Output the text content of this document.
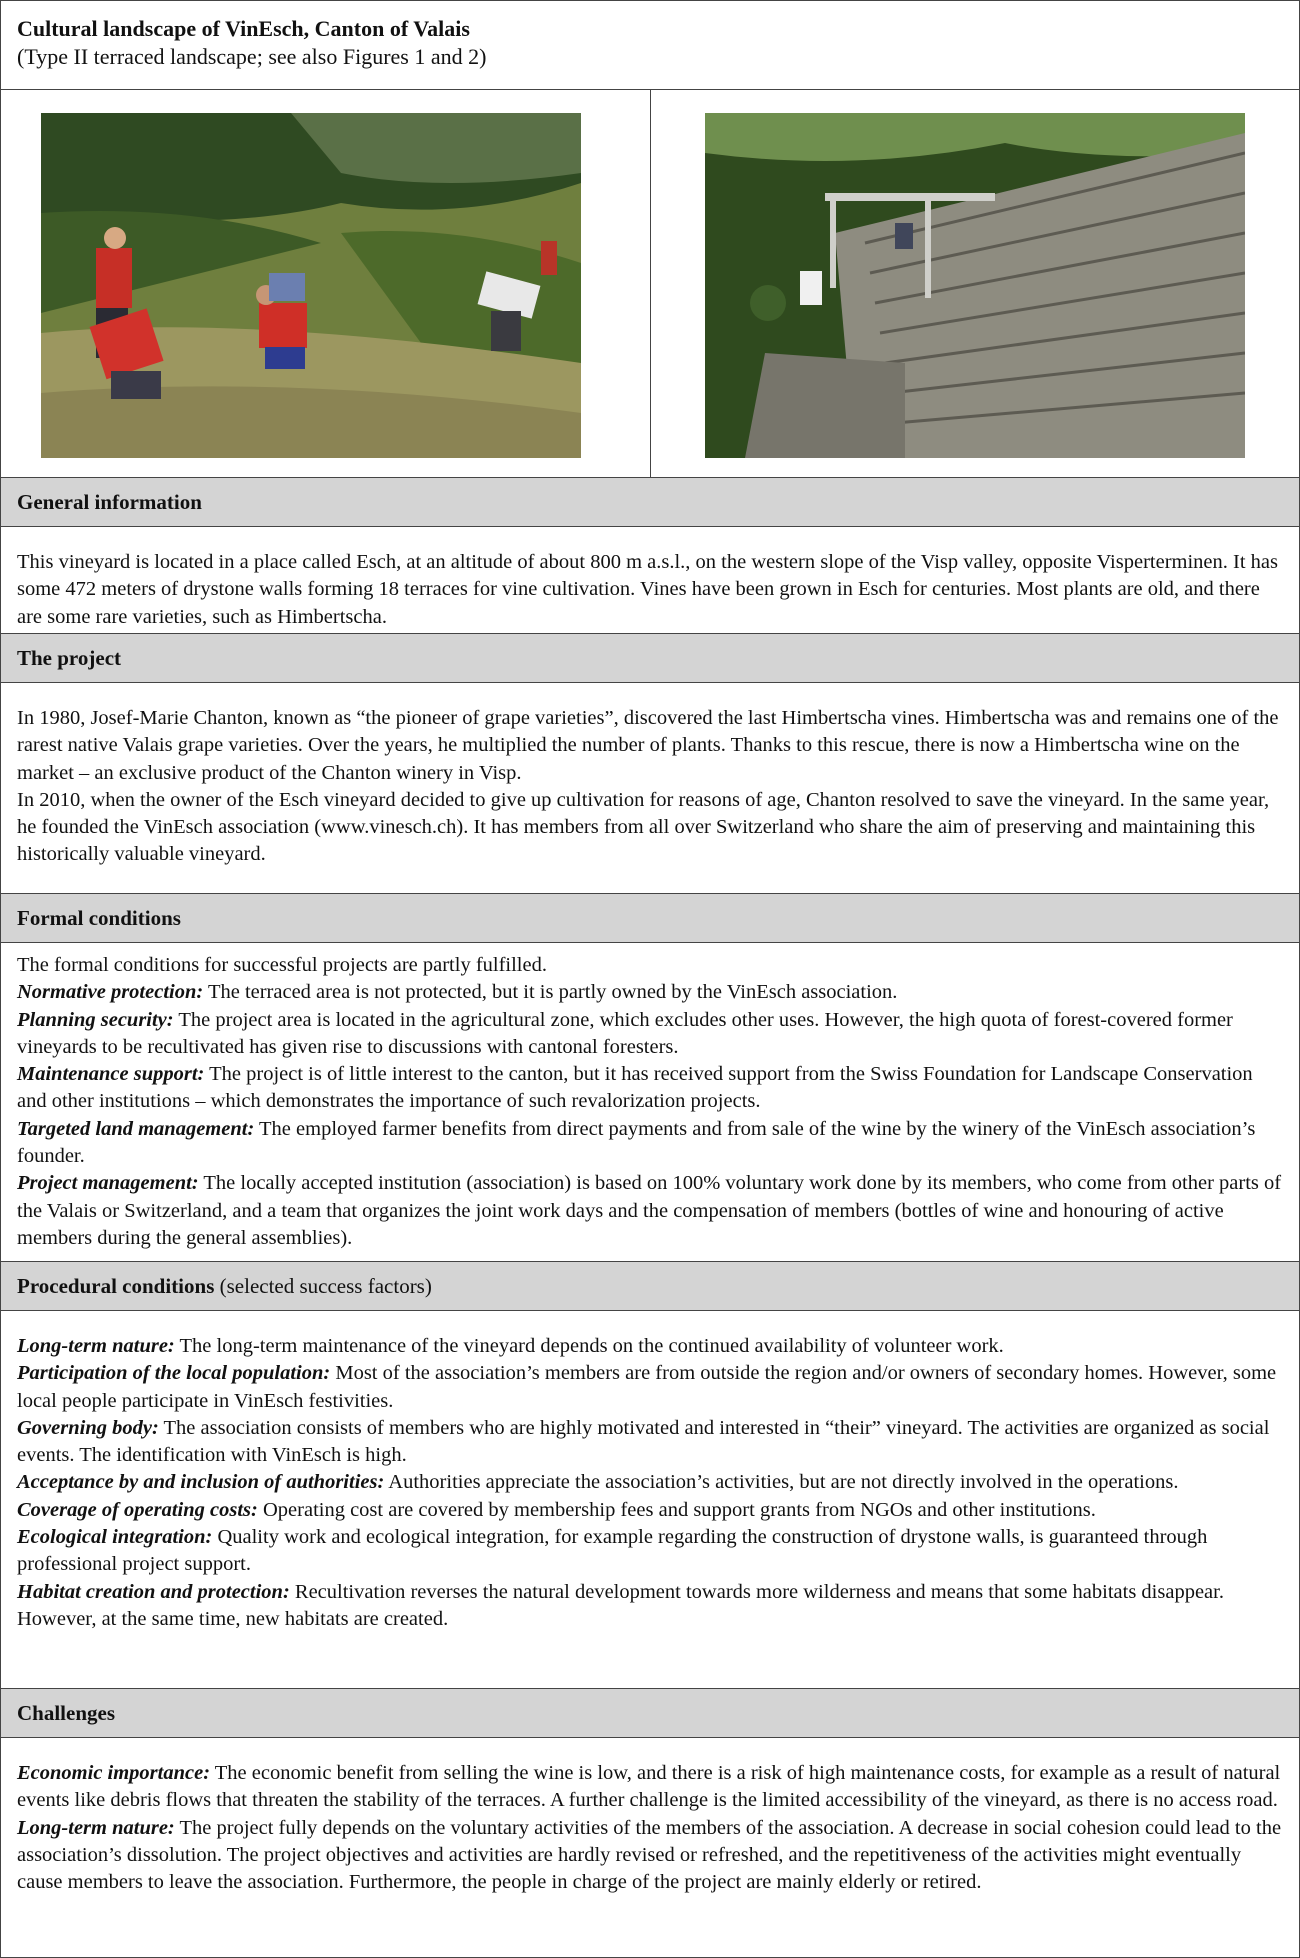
Cultural landscape of VinEsch, Canton of Valais
(Type II terraced landscape; see also Figures 1 and 2)
General information

This vineyard is located in a place called Esch, at an altitude of about 800 m a.s.l., on the western slope of the Visp valley, opposite Visperterminen. It has some 472 meters of drystone walls forming 18 terraces for vine cultivation. Vines have been grown in Esch for centuries. Most plants are old, and there are some rare varieties, such as Himbertscha.

The project

In 1980, Josef-Marie Chanton, known as “the pioneer of grape varieties”, discovered the last Himbertscha vines. Himbertscha was and remains one of the rarest native Valais grape varieties. Over the years, he multiplied the number of plants. Thanks to this rescue, there is now a Himbertscha wine on the market – an exclusive product of the Chanton winery in Visp.

In 2010, when the owner of the Esch vineyard decided to give up cultivation for reasons of age, Chanton resolved to save the vineyard. In the same year, he founded the VinEsch association (www.vinesch.ch). It has members from all over Switzerland who share the aim of preserving and maintaining this historically valuable vineyard.

Formal conditions

The formal conditions for successful projects are partly fulfilled.

Normative protection: The terraced area is not protected, but it is partly owned by the VinEsch association.

Planning security: The project area is located in the agricultural zone, which excludes other uses. However, the high quota of forest-covered former vineyards to be recultivated has given rise to discussions with cantonal foresters.

Maintenance support: The project is of little interest to the canton, but it has received support from the Swiss Foundation for Landscape Conservation and other institutions – which demonstrates the importance of such revalorization projects.

Targeted land management: The employed farmer benefits from direct payments and from sale of the wine by the winery of the VinEsch association’s founder.

Project management: The locally accepted institution (association) is based on 100% voluntary work done by its members, who come from other parts of the Valais or Switzerland, and a team that organizes the joint work days and the compensation of members (bottles of wine and honouring of active members during the general assemblies).

Procedural conditions (selected success factors)

Long-term nature: The long-term maintenance of the vineyard depends on the continued availability of volunteer work.

Participation of the local population: Most of the association’s members are from outside the region and/or owners of secondary homes. However, some local people participate in VinEsch festivities.

Governing body: The association consists of members who are highly motivated and interested in “their” vineyard. The activities are organized as social events. The identification with VinEsch is high.

Acceptance by and inclusion of authorities: Authorities appreciate the association’s activities, but are not directly involved in the operations.

Coverage of operating costs: Operating cost are covered by membership fees and support grants from NGOs and other institutions.

Ecological integration: Quality work and ecological integration, for example regarding the construction of drystone walls, is guaranteed through professional project support.

Habitat creation and protection: Recultivation reverses the natural development towards more wilderness and means that some habitats disappear. However, at the same time, new habitats are created.

Challenges

Economic importance: The economic benefit from selling the wine is low, and there is a risk of high maintenance costs, for example as a result of natural events like debris flows that threaten the stability of the terraces. A further challenge is the limited accessibility of the vineyard, as there is no access road.

Long-term nature: The project fully depends on the voluntary activities of the members of the association. A decrease in social cohesion could lead to the association’s dissolution. The project objectives and activities are hardly revised or refreshed, and the repetitiveness of the activities might eventually cause members to leave the association. Furthermore, the people in charge of the project are mainly elderly or retired.
